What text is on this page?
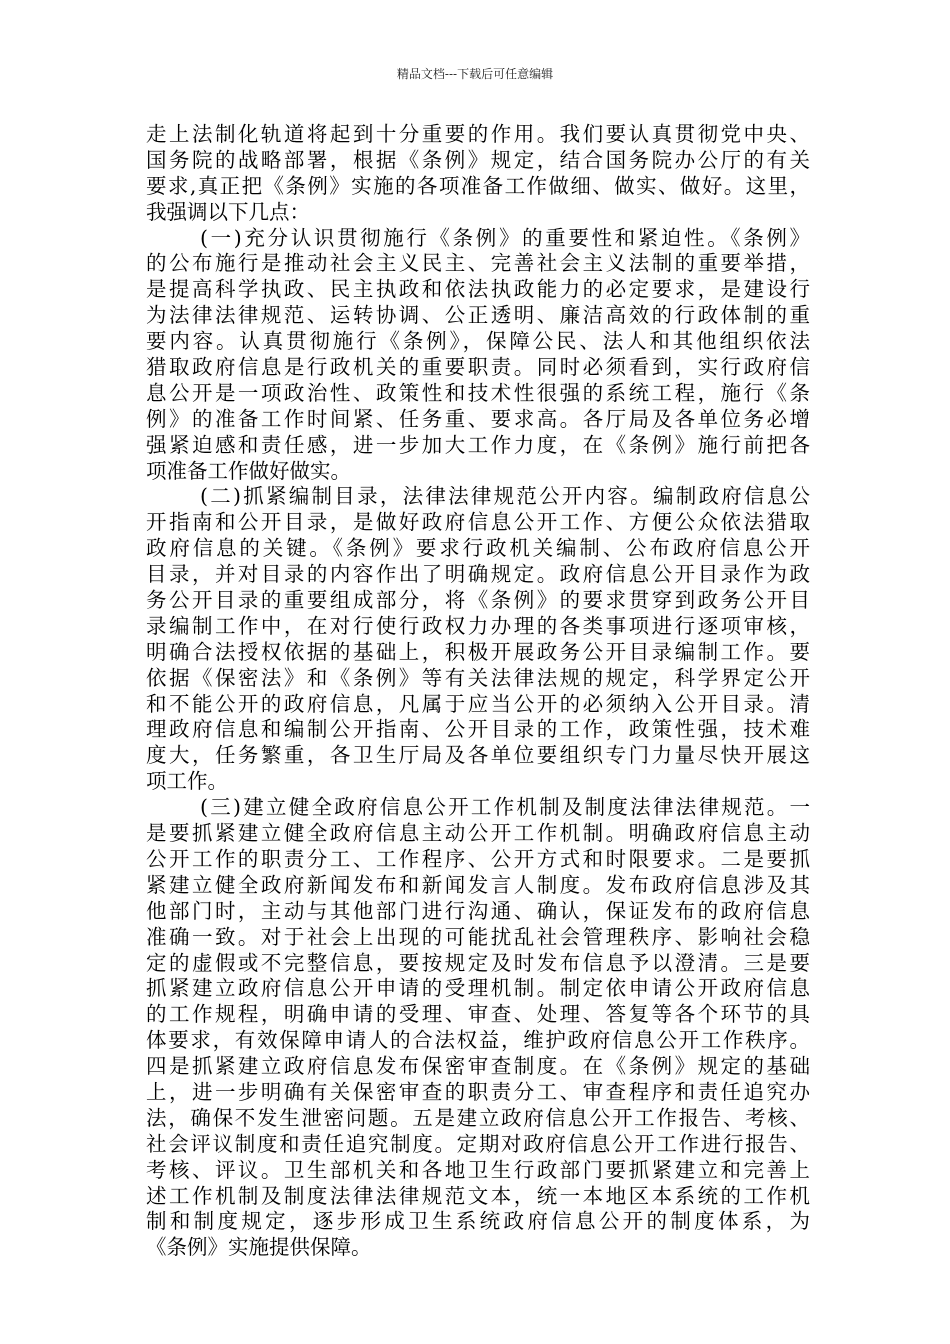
精品文档---下载后可任意编辑
走上法制化轨道将起到十分重要的作用。我们要认真贯彻党中央、
国务院的战略部署，根据《条例》规定，结合国务院办公厅的有关
要求,真正把《条例》实施的各项准备工作做细、做实、做好。这里，
我强调以下几点：
(一)充分认识贯彻施行《条例》的重要性和紧迫性。《条例》
的公布施行是推动社会主义民主、完善社会主义法制的重要举措，
是提高科学执政、民主执政和依法执政能力的必定要求，是建设行
为法律法律规范、运转协调、公正透明、廉洁高效的行政体制的重
要内容。认真贯彻施行《条例》，保障公民、法人和其他组织依法
猎取政府信息是行政机关的重要职责。同时必须看到，实行政府信
息公开是一项政治性、政策性和技术性很强的系统工程，施行《条
例》的准备工作时间紧、任务重、要求高。各厅局及各单位务必增
强紧迫感和责任感，进一步加大工作力度，在《条例》施行前把各
项准备工作做好做实。
(二)抓紧编制目录，法律法律规范公开内容。编制政府信息公
开指南和公开目录，是做好政府信息公开工作、方便公众依法猎取
政府信息的关键。《条例》要求行政机关编制、公布政府信息公开
目录，并对目录的内容作出了明确规定。政府信息公开目录作为政
务公开目录的重要组成部分，将《条例》的要求贯穿到政务公开目
录编制工作中，在对行使行政权力办理的各类事项进行逐项审核，
明确合法授权依据的基础上，积极开展政务公开目录编制工作。要
依据《保密法》和《条例》等有关法律法规的规定，科学界定公开
和不能公开的政府信息，凡属于应当公开的必须纳入公开目录。清
理政府信息和编制公开指南、公开目录的工作，政策性强，技术难
度大，任务繁重，各卫生厅局及各单位要组织专门力量尽快开展这
项工作。
(三)建立健全政府信息公开工作机制及制度法律法律规范。一
是要抓紧建立健全政府信息主动公开工作机制。明确政府信息主动
公开工作的职责分工、工作程序、公开方式和时限要求。二是要抓
紧建立健全政府新闻发布和新闻发言人制度。发布政府信息涉及其
他部门时，主动与其他部门进行沟通、确认，保证发布的政府信息
准确一致。对于社会上出现的可能扰乱社会管理秩序、影响社会稳
定的虚假或不完整信息，要按规定及时发布信息予以澄清。三是要
抓紧建立政府信息公开申请的受理机制。制定依申请公开政府信息
的工作规程，明确申请的受理、审查、处理、答复等各个环节的具
体要求，有效保障申请人的合法权益，维护政府信息公开工作秩序。
四是抓紧建立政府信息发布保密审查制度。在《条例》规定的基础
上，进一步明确有关保密审查的职责分工、审查程序和责任追究办
法，确保不发生泄密问题。五是建立政府信息公开工作报告、考核、
社会评议制度和责任追究制度。定期对政府信息公开工作进行报告、
考核、评议。卫生部机关和各地卫生行政部门要抓紧建立和完善上
述工作机制及制度法律法律规范文本，统一本地区本系统的工作机
制和制度规定，逐步形成卫生系统政府信息公开的制度体系，为
《条例》实施提供保障。
